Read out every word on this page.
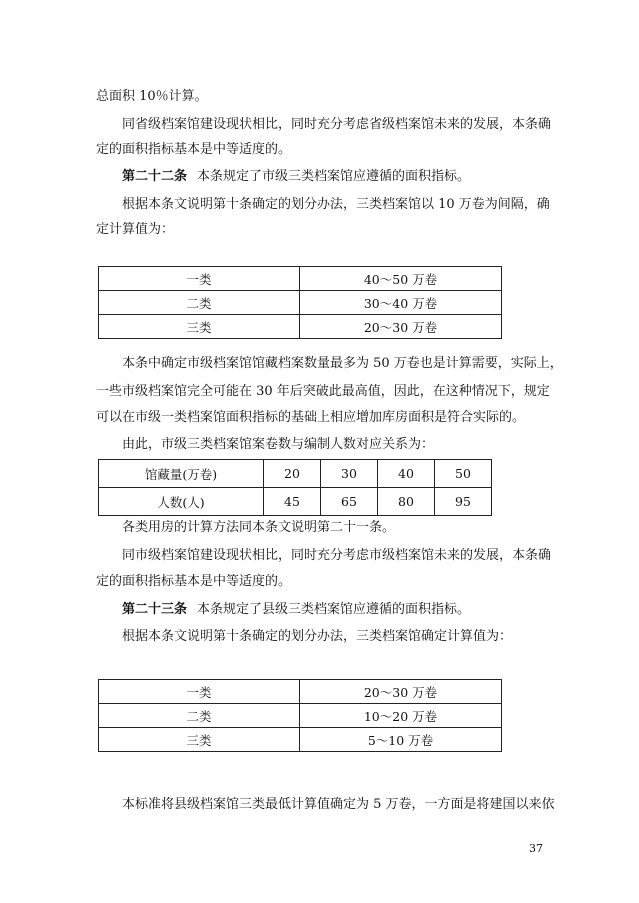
总面积 10％计算。
同省级档案馆建设现状相比，同时充分考虑省级档案馆未来的发展，本条确
定的面积指标基本是中等适度的。
第二十二条 本条规定了市级三类档案馆应遵循的面积指标。
根据本条文说明第十条确定的划分办法，三类档案馆以 10 万卷为间隔，确
定计算值为：
一类	40～50 万卷
二类	30～40 万卷
三类	20～30 万卷
本条中确定市级档案馆馆藏档案数量最多为 50 万卷也是计算需要，实际上，
一些市级档案馆完全可能在 30 年后突破此最高值，因此，在这种情况下，规定
可以在市级一类档案馆面积指标的基础上相应增加库房面积是符合实际的。
由此，市级三类档案馆案卷数与编制人数对应关系为：
馆藏量(万卷)	20	30	40	50
人数(人)	45	65	80	95
各类用房的计算方法同本条文说明第二十一条。
同市级档案馆建设现状相比，同时充分考虑市级档案馆未来的发展，本条确
定的面积指标基本是中等适度的。
第二十三条 本条规定了县级三类档案馆应遵循的面积指标。
根据本条文说明第十条确定的划分办法，三类档案馆确定计算值为：
一类	20～30 万卷
二类	10～20 万卷
三类	5～10 万卷
本标准将县级档案馆三类最低计算值确定为 5 万卷，一方面是将建国以来依
37
